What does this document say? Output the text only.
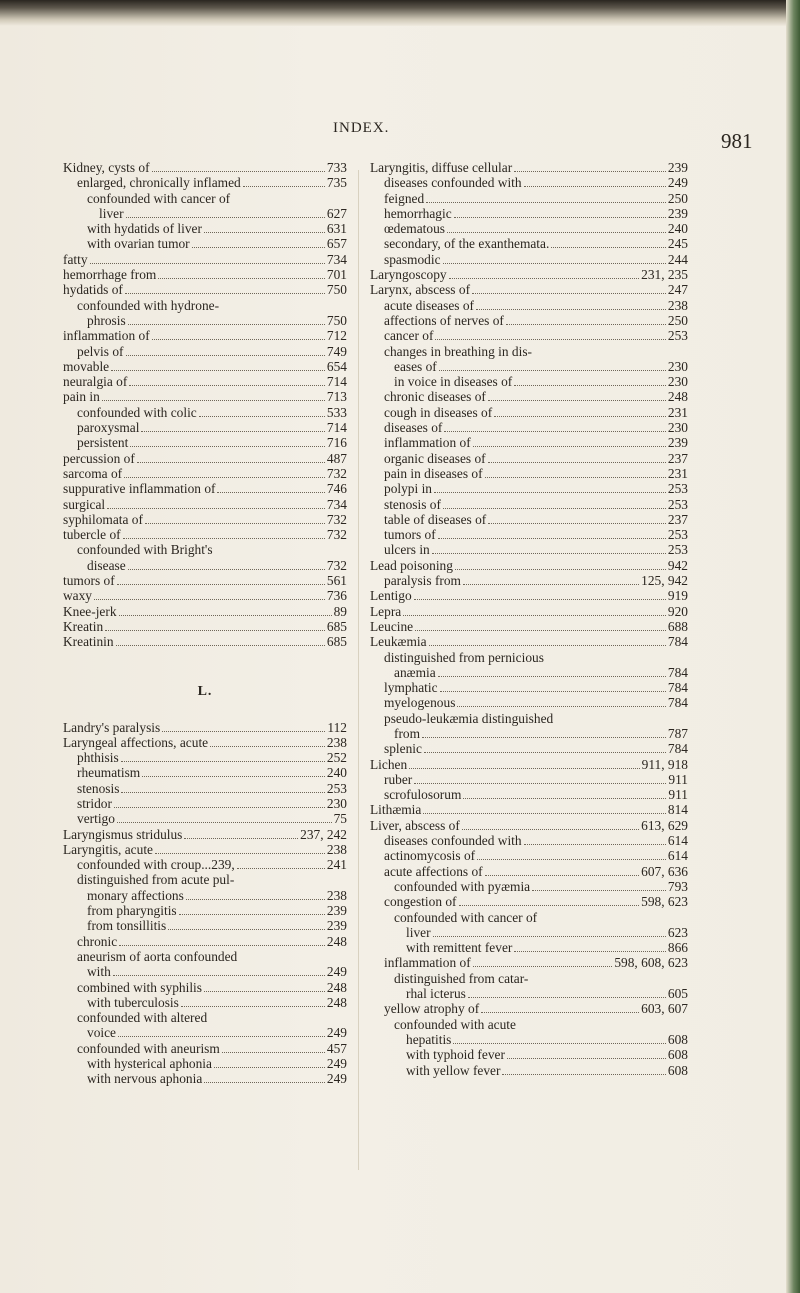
INDEX.
981
Kidney, cysts of	733
enlarged, chronically inflamed	735
confounded with cancer of
liver	627
with hydatids of liver	631
with ovarian tumor	657
fatty	734
hemorrhage from	701
hydatids of	750
confounded with hydrone-
phrosis	750
inflammation of	712
pelvis of	749
movable	654
neuralgia of	714
pain in	713
confounded with colic	533
paroxysmal	714
persistent	716
percussion of	487
sarcoma of	732
suppurative inflammation of	746
surgical	734
syphilomata of	732
tubercle of	732
confounded with Bright's
disease	732
tumors of	561
waxy	736
Knee-jerk	89
Kreatin	685
Kreatinin	685
L.
Landry's paralysis	112
Laryngeal affections, acute	238
phthisis	252
rheumatism	240
stenosis	253
stridor	230
vertigo	75
Laryngismus stridulus	237, 242
Laryngitis, acute	238
confounded with croup...239,	241
distinguished from acute pul-
monary affections	238
from pharyngitis	239
from tonsillitis	239
chronic	248
aneurism of aorta confounded
with	249
combined with syphilis	248
with tuberculosis	248
confounded with altered
voice	249
confounded with aneurism	457
with hysterical aphonia	249
with nervous aphonia	249
Laryngitis, diffuse cellular	239
diseases confounded with	249
feigned	250
hemorrhagic	239
œdematous	240
secondary, of the exanthemata.	245
spasmodic	244
Laryngoscopy	231, 235
Larynx, abscess of	247
acute diseases of	238
affections of nerves of	250
cancer of	253
changes in breathing in dis-
eases of	230
in voice in diseases of	230
chronic diseases of	248
cough in diseases of	231
diseases of	230
inflammation of	239
organic diseases of	237
pain in diseases of	231
polypi in	253
stenosis of	253
table of diseases of	237
tumors of	253
ulcers in	253
Lead poisoning	942
paralysis from	125, 942
Lentigo	919
Lepra	920
Leucine	688
Leukæmia	784
distinguished from pernicious
anæmia	784
lymphatic	784
myelogenous	784
pseudo-leukæmia distinguished
from	787
splenic	784
Lichen	911, 918
ruber	911
scrofulosorum	911
Lithæmia	814
Liver, abscess of	613, 629
diseases confounded with	614
actinomycosis of	614
acute affections of	607, 636
confounded with pyæmia	793
congestion of	598, 623
confounded with cancer of
liver	623
with remittent fever	866
inflammation of	598, 608, 623
distinguished from catar-
rhal icterus	605
yellow atrophy of	603, 607
confounded with acute
hepatitis	608
with typhoid fever	608
with yellow fever	608
